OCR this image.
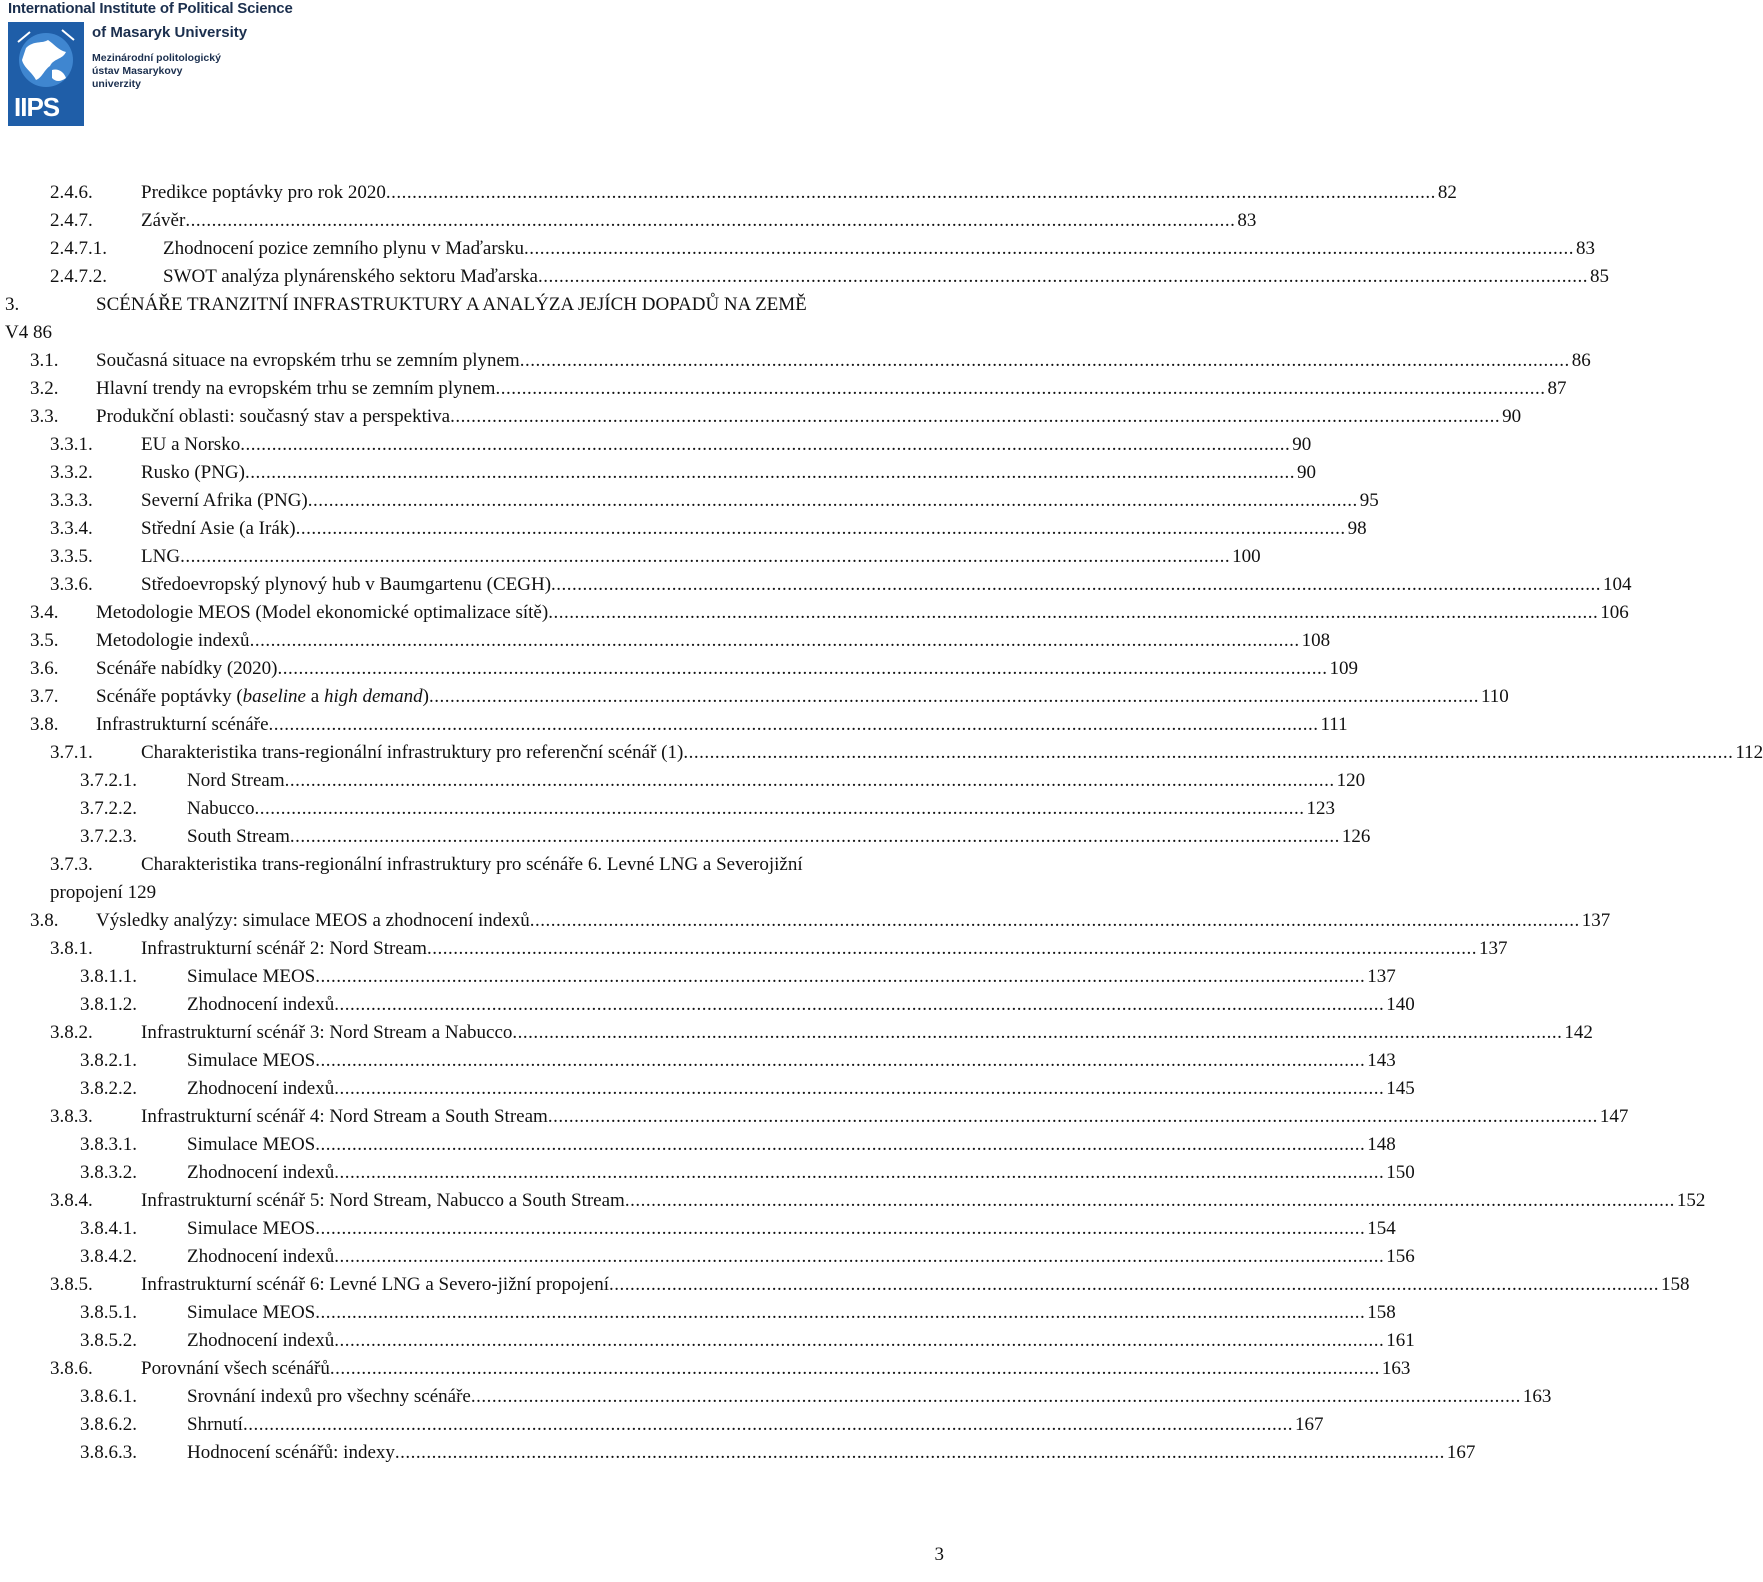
International Institute of Political Science
IIPS
of Masaryk University
Mezinárodní politologický
ústav Masarykovy
univerzity
2.4.6.	Predikce poptávky pro rok 2020 ........................................................................................................................................................................................................ 82
2.4.7.	Závěr ........................................................................................................................................................................................................ 83
2.4.7.1.	Zhodnocení pozice zemního plynu v Maďarsku ........................................................................................................................................................................................................ 83
2.4.7.2.	SWOT analýza plynárenského sektoru Maďarska ........................................................................................................................................................................................................ 85
3.	SCÉNÁŘE TRANZITNÍ INFRASTRUKTURY A ANALÝZA JEJÍCH DOPADŮ NA ZEMĚ
V4 86
3.1. Současná situace na evropském trhu se zemním plynem ........................................................................................................................................................................................................ 86
3.2. Hlavní trendy na evropském trhu se zemním plynem ........................................................................................................................................................................................................ 87
3.3. Produkční oblasti: současný stav a perspektiva ........................................................................................................................................................................................................ 90
3.3.1.	EU a Norsko ........................................................................................................................................................................................................ 90
3.3.2.	Rusko (PNG) ........................................................................................................................................................................................................ 90
3.3.3.	Severní Afrika (PNG) ........................................................................................................................................................................................................ 95
3.3.4.	Střední Asie (a Irák) ........................................................................................................................................................................................................ 98
3.3.5.	LNG ........................................................................................................................................................................................................ 100
3.3.6.	Středoevropský plynový hub v Baumgartenu (CEGH) ........................................................................................................................................................................................................ 104
3.4. Metodologie MEOS (Model ekonomické optimalizace sítě) ........................................................................................................................................................................................................ 106
3.5. Metodologie indexů ........................................................................................................................................................................................................ 108
3.6. Scénáře nabídky (2020) ........................................................................................................................................................................................................ 109
3.7. Scénáře poptávky (baseline a high demand) ........................................................................................................................................................................................................ 110
3.8. Infrastrukturní scénáře ........................................................................................................................................................................................................ 111
3.7.1.	Charakteristika trans-regionální infrastruktury pro referenční scénář (1) ........................................................................................................................................................................................................ 112
3.7.2.1.	Nord Stream ........................................................................................................................................................................................................ 120
3.7.2.2.	Nabucco ........................................................................................................................................................................................................ 123
3.7.2.3.	South Stream ........................................................................................................................................................................................................ 126
3.7.3.	Charakteristika trans-regionální infrastruktury pro scénáře 6. Levné LNG a Severojižní
propojení 129
3.8. Výsledky analýzy: simulace MEOS a zhodnocení indexů ........................................................................................................................................................................................................ 137
3.8.1.	Infrastrukturní scénář 2: Nord Stream ........................................................................................................................................................................................................ 137
3.8.1.1.	Simulace MEOS ........................................................................................................................................................................................................ 137
3.8.1.2.	Zhodnocení indexů ........................................................................................................................................................................................................ 140
3.8.2.	Infrastrukturní scénář 3: Nord Stream a Nabucco ........................................................................................................................................................................................................ 142
3.8.2.1.	Simulace MEOS ........................................................................................................................................................................................................ 143
3.8.2.2.	Zhodnocení indexů ........................................................................................................................................................................................................ 145
3.8.3.	Infrastrukturní scénář 4: Nord Stream a South Stream ........................................................................................................................................................................................................ 147
3.8.3.1.	Simulace MEOS ........................................................................................................................................................................................................ 148
3.8.3.2.	Zhodnocení indexů ........................................................................................................................................................................................................ 150
3.8.4.	Infrastrukturní scénář 5: Nord Stream, Nabucco a South Stream ........................................................................................................................................................................................................ 152
3.8.4.1.	Simulace MEOS ........................................................................................................................................................................................................ 154
3.8.4.2.	Zhodnocení indexů ........................................................................................................................................................................................................ 156
3.8.5.	Infrastrukturní scénář 6: Levné LNG a Severo-jižní propojení ........................................................................................................................................................................................................ 158
3.8.5.1.	Simulace MEOS ........................................................................................................................................................................................................ 158
3.8.5.2.	Zhodnocení indexů ........................................................................................................................................................................................................ 161
3.8.6.	Porovnání všech scénářů ........................................................................................................................................................................................................ 163
3.8.6.1.	Srovnání indexů pro všechny scénáře ........................................................................................................................................................................................................ 163
3.8.6.2.	Shrnutí ........................................................................................................................................................................................................ 167
3.8.6.3.	Hodnocení scénářů: indexy ........................................................................................................................................................................................................ 167
3
